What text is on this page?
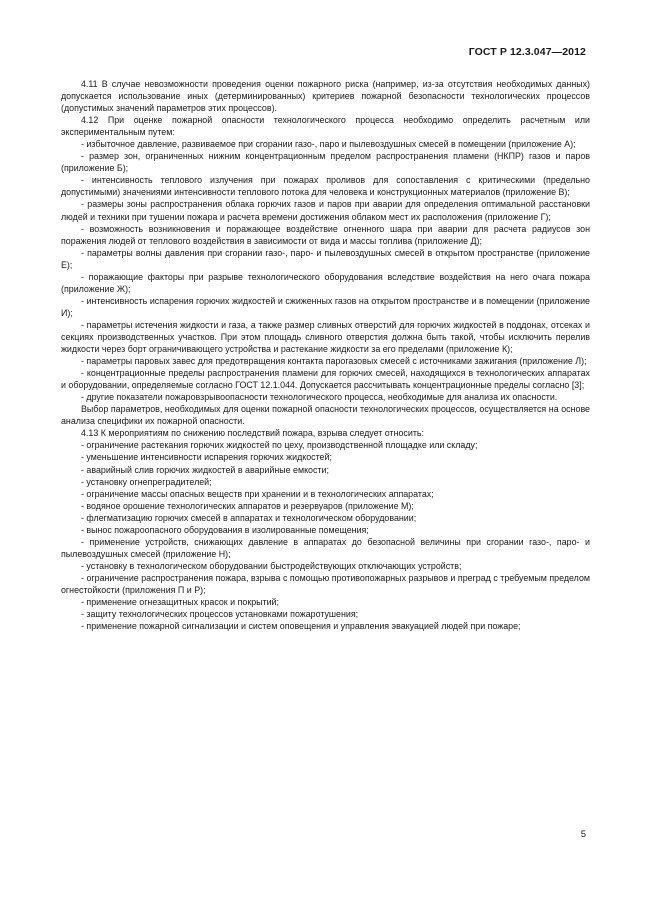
ГОСТ Р 12.3.047—2012

4.11 В случае невозможности проведения оценки пожарного риска (например, из-за отсутствия необходимых данных) допускается использование иных (детерминированных) критериев пожарной безопасности технологических процессов (допустимых значений параметров этих процессов).

4.12 При оценке пожарной опасности технологического процесса необходимо определить расчетным или экспериментальным путем:

- избыточное давление, развиваемое при сгорании газо-, паро и пылевоздушных смесей в помещении (приложение А);

- размер зон, ограниченных нижним концентрационным пределом распространения пламени (НКПР) газов и паров (приложение Б);

- интенсивность теплового излучения при пожарах проливов для сопоставления с критическими (предельно допустимыми) значениями интенсивности теплового потока для человека и конструкционных материалов (приложение В);

- размеры зоны распространения облака горючих газов и паров при аварии для определения оптимальной расстановки людей и техники при тушении пожара и расчета времени достижения облаком мест их расположения (приложение Г);

- возможность возникновения и поражающее воздействие огненного шара при аварии для расчета радиусов зон поражения людей от теплового воздействия в зависимости от вида и массы топлива (приложение Д);

- параметры волны давления при сгорании газо-, паро- и пылевоздушных смесей в открытом пространстве (приложение Е);

- поражающие факторы при разрыве технологического оборудования вследствие воздействия на него очага пожара (приложение Ж);

- интенсивность испарения горючих жидкостей и сжиженных газов на открытом пространстве и в помещении (приложение И);

- параметры истечения жидкости и газа, а также размер сливных отверстий для горючих жидкостей в поддонах, отсеках и секциях производственных участков. При этом площадь сливного отверстия должна быть такой, чтобы исключить перелив жидкости через борт ограничивающего устройства и растекание жидкости за его пределами (приложение К);

- параметры паровых завес для предотвращения контакта парогазовых смесей с источниками зажигания (приложение Л);

- концентрационные пределы распространения пламени для горючих смесей, находящихся в технологических аппаратах и оборудовании, определяемые согласно ГОСТ 12.1.044. Допускается рассчитывать концентрационные пределы согласно [3];

- другие показатели пожаровзрывоопасности технологического процесса, необходимые для анализа их опасности.

Выбор параметров, необходимых для оценки пожарной опасности технологических процессов, осуществляется на основе анализа специфики их пожарной опасности.

4.13 К мероприятиям по снижению последствий пожара, взрыва следует относить:

- ограничение растекания горючих жидкостей по цеху, производственной площадке или складу;

- уменьшение интенсивности испарения горючих жидкостей;

- аварийный слив горючих жидкостей в аварийные емкости;

- установку огнепреградителей;

- ограничение массы опасных веществ при хранении и в технологических аппаратах;

- водяное орошение технологических аппаратов и резервуаров (приложение М);

- флегматизацию горючих смесей в аппаратах и технологическом оборудовании;

- вынос пожароопасного оборудования в изолированные помещения;

- применение устройств, снижающих давление в аппаратах до безопасной величины при сгорании газо-, паро- и пылевоздушных смесей (приложение Н);

- установку в технологическом оборудовании быстродействующих отключающих устройств;

- ограничение распространения пожара, взрыва с помощью противопожарных разрывов и преград с требуемым пределом огнестойкости (приложения П и Р);

- применение огнезащитных красок и покрытий;

- защиту технологических процессов установками пожаротушения;

- применение пожарной сигнализации и систем оповещения и управления эвакуацией людей при пожаре;

5
